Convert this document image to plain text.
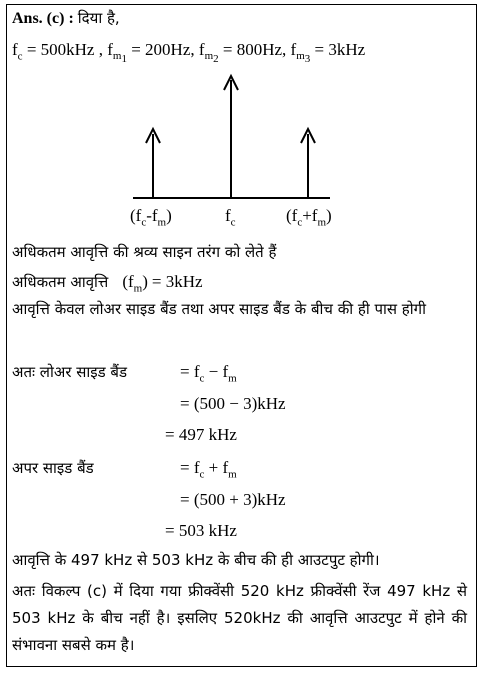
Ans. (c) : दिया है,
$f_c = 500kHz$ , $f_{m_1} = 200Hz$, $f_{m_2} = 800Hz$, $f_{m_3} = 3kHz$
$(f_c-f_m)$	$f_c$	$(f_c+f_m)$
अधिकतम आवृत्ति की श्रव्य साइन तरंग को लेते हैं
अधिकतम आवृत्ति $(f_m) = 3kHz$
आवृत्ति केवल लोअर साइड बैंड तथा अपर साइड बैंड के बीच की ही पास होगी
अतः लोअर साइड बैंड	= $f_c - f_m$
= (500 − 3)kHz
= 497 kHz
अपर साइड बैंड	= $f_c + f_m$
= (500 + 3)kHz
= 503 kHz
आवृत्ति के 497 kHz से 503 kHz के बीच की ही आउटपुट होगी।
अतः विकल्प (c) में दिया गया फ्रीक्वेंसी 520 kHz फ्रीक्वेंसी रेंज 497 kHz से 503 kHz के बीच नहीं है। इसलिए 520kHz की आवृत्ति आउटपुट में होने की संभावना सबसे कम है।
